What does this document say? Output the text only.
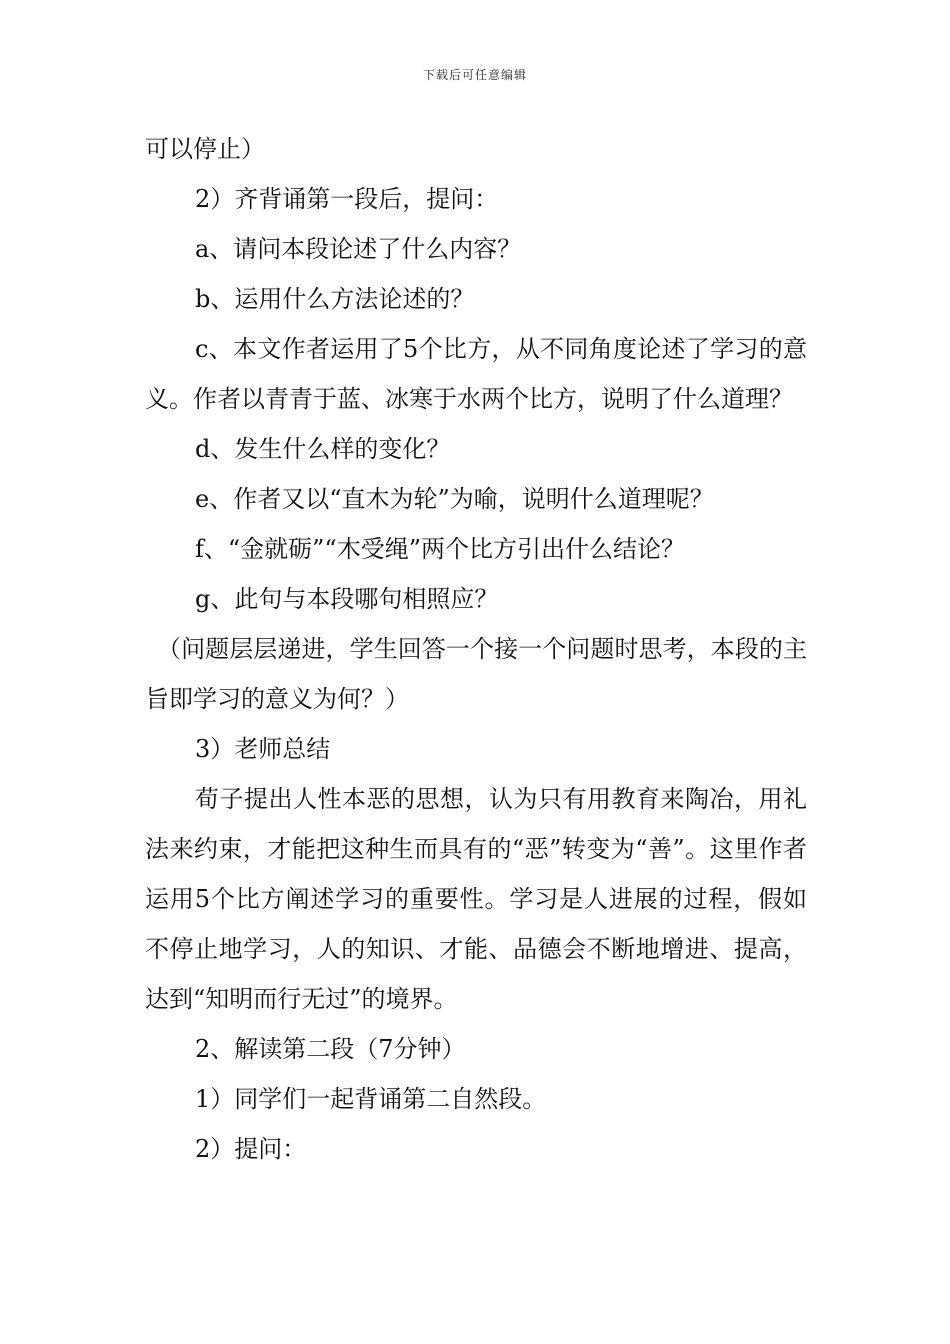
下载后可任意编辑

可以停止）

2）齐背诵第一段后，提问：

a、请问本段论述了什么内容？

b、运用什么方法论述的？

c、本文作者运用了5个比方，从不同角度论述了学习的意义。作者以青青于蓝、冰寒于水两个比方，说明了什么道理？

d、发生什么样的变化？

e、作者又以“直木为轮”为喻，说明什么道理呢？

f、“金就砺”“木受绳”两个比方引出什么结论？

g、此句与本段哪句相照应？

（问题层层递进，学生回答一个接一个问题时思考，本段的主旨即学习的意义为何？）

3）老师总结

荀子提出人性本恶的思想，认为只有用教育来陶冶，用礼法来约束，才能把这种生而具有的“恶”转变为“善”。这里作者运用5个比方阐述学习的重要性。学习是人进展的过程，假如不停止地学习，人的知识、才能、品德会不断地增进、提高，达到“知明而行无过”的境界。

2、解读第二段（7分钟）

1）同学们一起背诵第二自然段。

2）提问：
